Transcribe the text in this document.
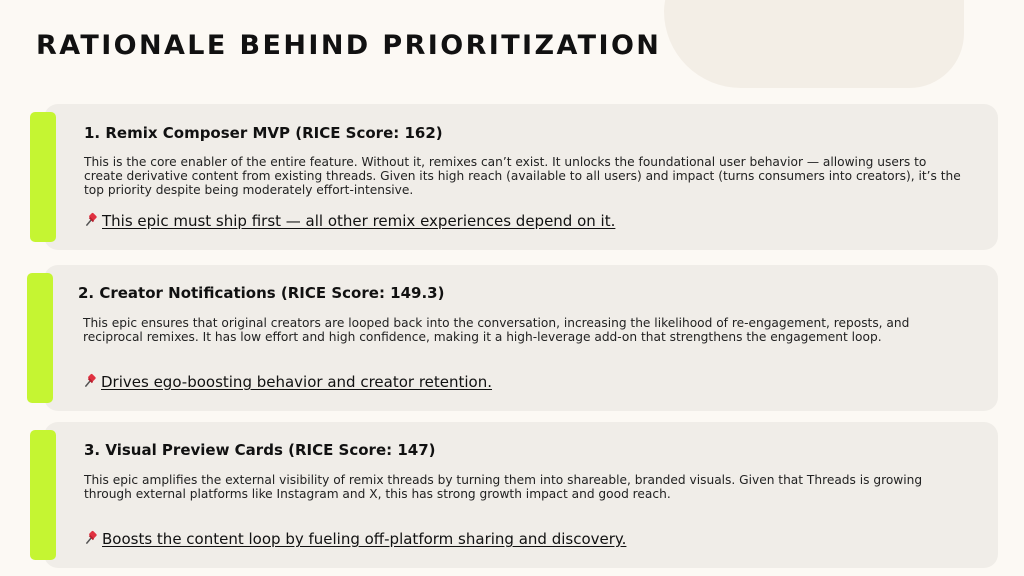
RATIONALE BEHIND PRIORITIZATION

1. Remix Composer MVP (RICE Score: 162)

This is the core enabler of the entire feature. Without it, remixes can’t exist. It unlocks the foundational user behavior — allowing users to create derivative content from existing threads. Given its high reach (available to all users) and impact (turns consumers into creators), it’s the top priority despite being moderately effort-intensive.

This epic must ship first — all other remix experiences depend on it.

2. Creator Notifications (RICE Score: 149.3)

This epic ensures that original creators are looped back into the conversation, increasing the likelihood of re-engagement, reposts, and reciprocal remixes. It has low effort and high confidence, making it a high-leverage add-on that strengthens the engagement loop.

Drives ego-boosting behavior and creator retention.

3. Visual Preview Cards (RICE Score: 147)

This epic amplifies the external visibility of remix threads by turning them into shareable, branded visuals. Given that Threads is growing through external platforms like Instagram and X, this has strong growth impact and good reach.

Boosts the content loop by fueling off-platform sharing and discovery.
